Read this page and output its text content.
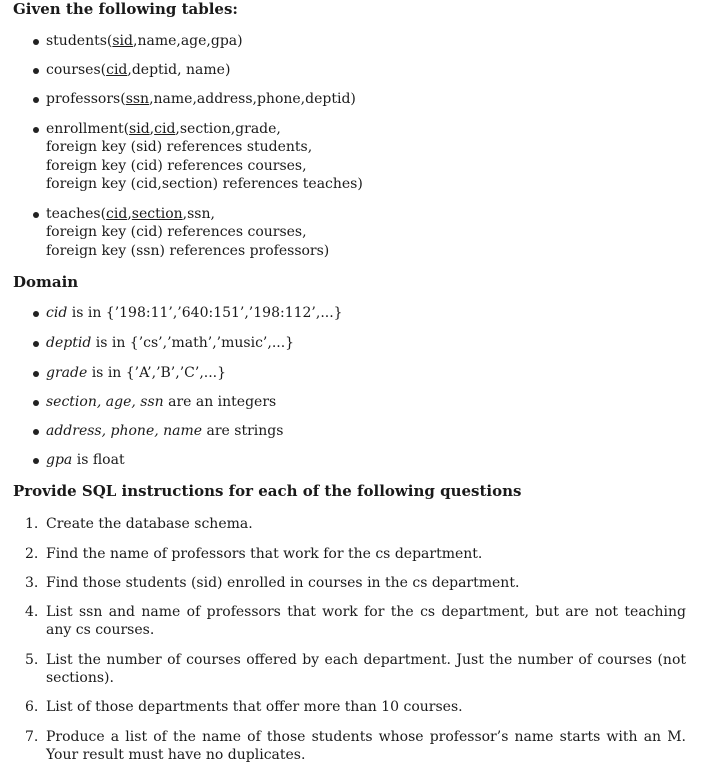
Given the following tables:
Domain
Provide SQL instructions for each of the following questions
students(sid,name,age,gpa)
courses(cid,deptid, name)
professors(ssn,name,address,phone,deptid)
enrollment(sid,cid,section,grade,
foreign key (sid) references students,
foreign key (cid) references courses,
foreign key (cid,section) references teaches)
teaches(cid,section,ssn,
foreign key (cid) references courses,
foreign key (ssn) references professors)
cid is in {’198:11’,’640:151’,’198:112’,...}
deptid is in {’cs’,’math’,’music’,...}
grade is in {’A’,’B’,’C’,...}
section, age, ssn are an integers
address, phone, name are strings
gpa is float
1. Create the database schema.
2. Find the name of professors that work for the cs department.
3. Find those students (sid) enrolled in courses in the cs department.
4. List ssn and name of professors that work for the cs department, but are not teaching any cs courses.
5. List the number of courses offered by each department. Just the number of courses (not sections).
6. List of those departments that offer more than 10 courses.
7. Produce a list of the name of those students whose professor’s name starts with an M. Your result must have no duplicates.
